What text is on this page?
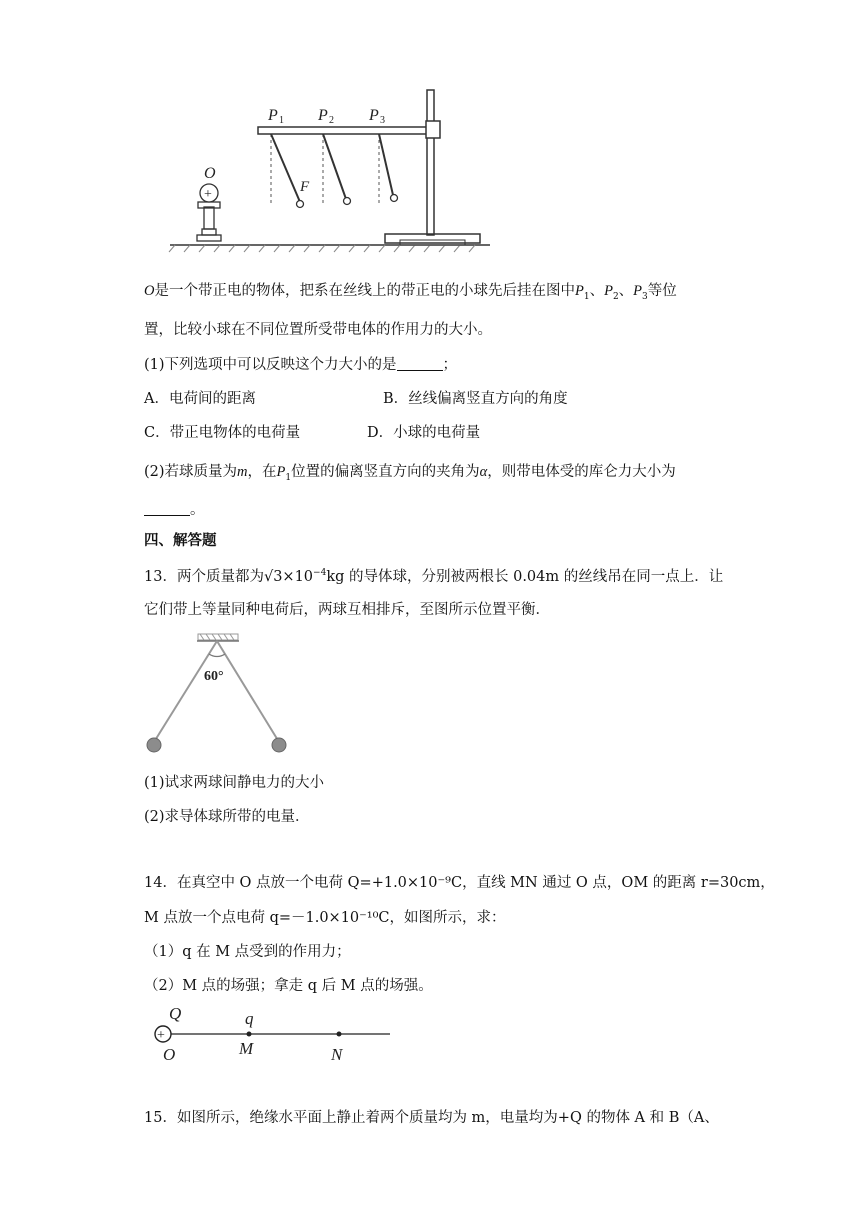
+
O
P 1 P 2 P 3
F
O是一个带正电的物体，把系在丝线上的带正电的小球先后挂在图中$P_1$、$P_2$、$P_3$等位
置，比较小球在不同位置所受带电体的作用力的大小。
(1)下列选项中可以反映这个力大小的是	；
A．电荷间的距离	B．丝线偏离竖直方向的角度
C．带正电物体的电荷量	D．小球的电荷量
(2)若球质量为m，在$P_1$位置的偏离竖直方向的夹角为α，则带电体受的库仑力大小为
。
四、解答题
13．两个质量都为$√3\times 10^{-4}kg$ 的导体球，分别被两根长 0.04m 的丝线吊在同一点上．让
它们带上等量同种电荷后，两球互相排斥，至图所示位置平衡．
60°
(1)试求两球间静电力的大小
(2)求导体球所带的电量．
14．在真空中 O 点放一个电荷 Q=+1.0×10⁻⁹C，直线 MN 通过 O 点，OM 的距离 r=30cm，
M 点放一个点电荷 q=－1.0×10⁻¹⁰C，如图所示，求：
（1）q 在 M 点受到的作用力；
（2）M 点的场强；拿走 q 后 M 点的场强。
+
Q
O
q
M	N
15．如图所示，绝缘水平面上静止着两个质量均为 m，电量均为+Q 的物体 A 和 B（A、
